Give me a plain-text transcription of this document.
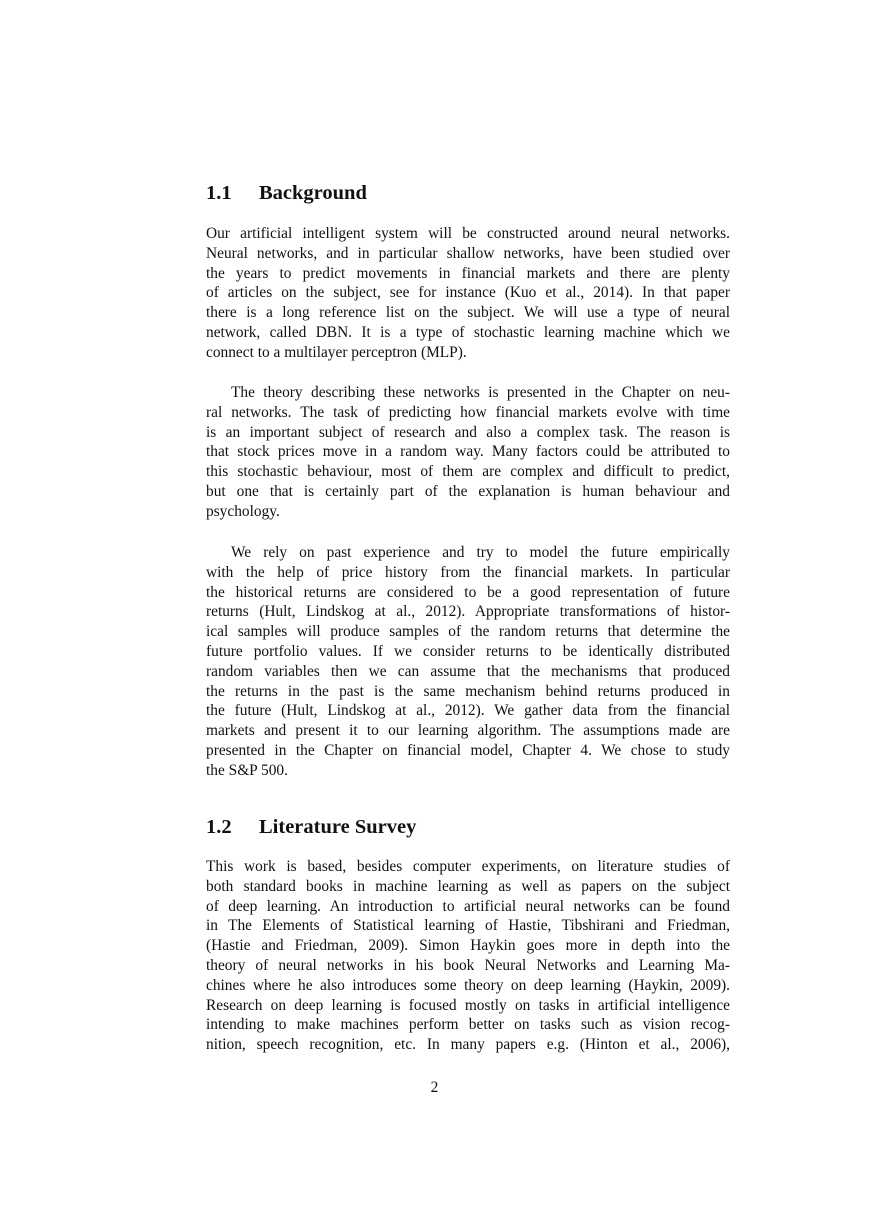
1.1 Background
Our artificial intelligent system will be constructed around neural networks.
Neural networks, and in particular shallow networks, have been studied over
the years to predict movements in financial markets and there are plenty
of articles on the subject, see for instance (Kuo et al., 2014). In that paper
there is a long reference list on the subject. We will use a type of neural
network, called DBN. It is a type of stochastic learning machine which we
connect to a multilayer perceptron (MLP).
The theory describing these networks is presented in the Chapter on neu-
ral networks. The task of predicting how financial markets evolve with time
is an important subject of research and also a complex task. The reason is
that stock prices move in a random way. Many factors could be attributed to
this stochastic behaviour, most of them are complex and difficult to predict,
but one that is certainly part of the explanation is human behaviour and
psychology.
We rely on past experience and try to model the future empirically
with the help of price history from the financial markets. In particular
the historical returns are considered to be a good representation of future
returns (Hult, Lindskog at al., 2012). Appropriate transformations of histor-
ical samples will produce samples of the random returns that determine the
future portfolio values. If we consider returns to be identically distributed
random variables then we can assume that the mechanisms that produced
the returns in the past is the same mechanism behind returns produced in
the future (Hult, Lindskog at al., 2012). We gather data from the financial
markets and present it to our learning algorithm. The assumptions made are
presented in the Chapter on financial model, Chapter 4. We chose to study
the S&P 500.
1.2 Literature Survey
This work is based, besides computer experiments, on literature studies of
both standard books in machine learning as well as papers on the subject
of deep learning. An introduction to artificial neural networks can be found
in The Elements of Statistical learning of Hastie, Tibshirani and Friedman,
(Hastie and Friedman, 2009). Simon Haykin goes more in depth into the
theory of neural networks in his book Neural Networks and Learning Ma-
chines where he also introduces some theory on deep learning (Haykin, 2009).
Research on deep learning is focused mostly on tasks in artificial intelligence
intending to make machines perform better on tasks such as vision recog-
nition, speech recognition, etc. In many papers e.g. (Hinton et al., 2006),
2
